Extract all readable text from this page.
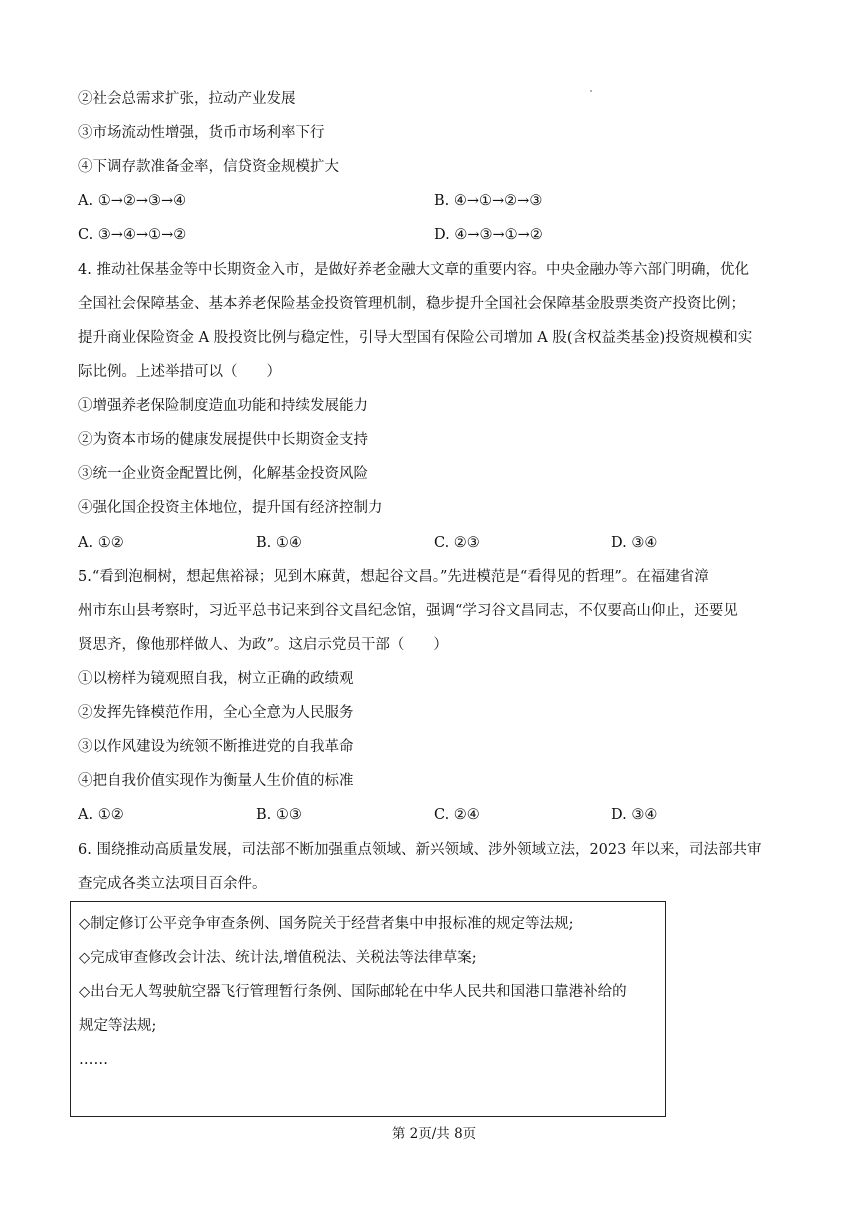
②社会总需求扩张，拉动产业发展
③市场流动性增强，货币市场利率下行
④下调存款准备金率，信贷资金规模扩大
A. ①→②→③→④	B. ④→①→②→③
C. ③→④→①→②	D. ④→③→①→②
4. 推动社保基金等中长期资金入市，是做好养老金融大文章的重要内容。中央金融办等六部门明确，优化
全国社会保障基金、基本养老保险基金投资管理机制，稳步提升全国社会保障基金股票类资产投资比例；
提升商业保险资金 A 股投资比例与稳定性，引导大型国有保险公司增加 A 股(含权益类基金)投资规模和实
际比例。上述举措可以（　　）
①增强养老保险制度造血功能和持续发展能力
②为资本市场的健康发展提供中长期资金支持
③统一企业资金配置比例，化解基金投资风险
④强化国企投资主体地位，提升国有经济控制力
A. ①②	B. ①④	C. ②③	D. ③④
5.“看到泡桐树，想起焦裕禄；见到木麻黄，想起谷文昌。”先进模范是“看得见的哲理”。在福建省漳
州市东山县考察时，习近平总书记来到谷文昌纪念馆，强调“学习谷文昌同志，不仅要高山仰止，还要见
贤思齐，像他那样做人、为政”。这启示党员干部（　　）
①以榜样为镜观照自我，树立正确的政绩观
②发挥先锋模范作用，全心全意为人民服务
③以作风建设为统领不断推进党的自我革命
④把自我价值实现作为衡量人生价值的标准
A. ①②	B. ①③	C. ②④	D. ③④
6. 围绕推动高质量发展，司法部不断加强重点领域、新兴领域、涉外领域立法，2023 年以来，司法部共审
查完成各类立法项目百余件。
◇制定修订公平竞争审查条例、国务院关于经营者集中申报标准的规定等法规;
◇完成审查修改会计法、统计法,增值税法、关税法等法律草案;
◇出台无人驾驶航空器飞行管理暂行条例、国际邮轮在中华人民共和国港口靠港补给的
规定等法规;
……
第 2页/共 8页
